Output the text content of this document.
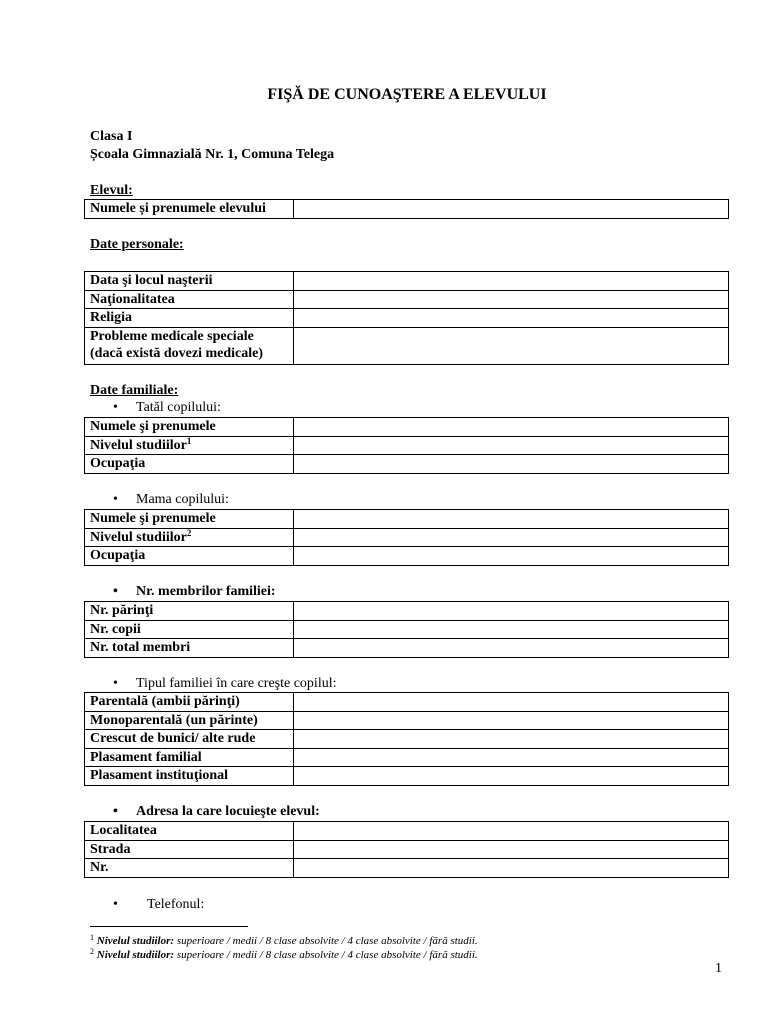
FIŞĂ DE CUNOAŞTERE A ELEVULUI
Clasa I
Școala Gimnazială Nr. 1, Comuna Telega
Elevul:
Numele și prenumele elevului	
Date personale:
Data şi locul naşterii	
Naţionalitatea	
Religia	
Probleme medicale speciale
(dacă există dovezi medicale)	
Date familiale:
• Tatăl copilului:
Numele şi prenumele	
Nivelul studiilor$^1$	
Ocupaţia	
• Mama copilului:
Numele şi prenumele	
Nivelul studiilor$^2$	
Ocupaţia	
• Nr. membrilor familiei:
Nr. părinţi	
Nr. copii	
Nr. total membri	
• Tipul familiei în care creşte copilul:
Parentală (ambii părinţi)	
Monoparentală (un părinte)	
Crescut de bunici/ alte rude	
Plasament familial	
Plasament instituţional	
• Adresa la care locuieşte elevul:
Localitatea	
Strada	
Nr.	
• Telefonul:
$^1$ Nivelul studiilor: superioare / medii / 8 clase absolvite / 4 clase absolvite / fără studii.
$^2$ Nivelul studiilor: superioare / medii / 8 clase absolvite / 4 clase absolvite / fără studii.
1
